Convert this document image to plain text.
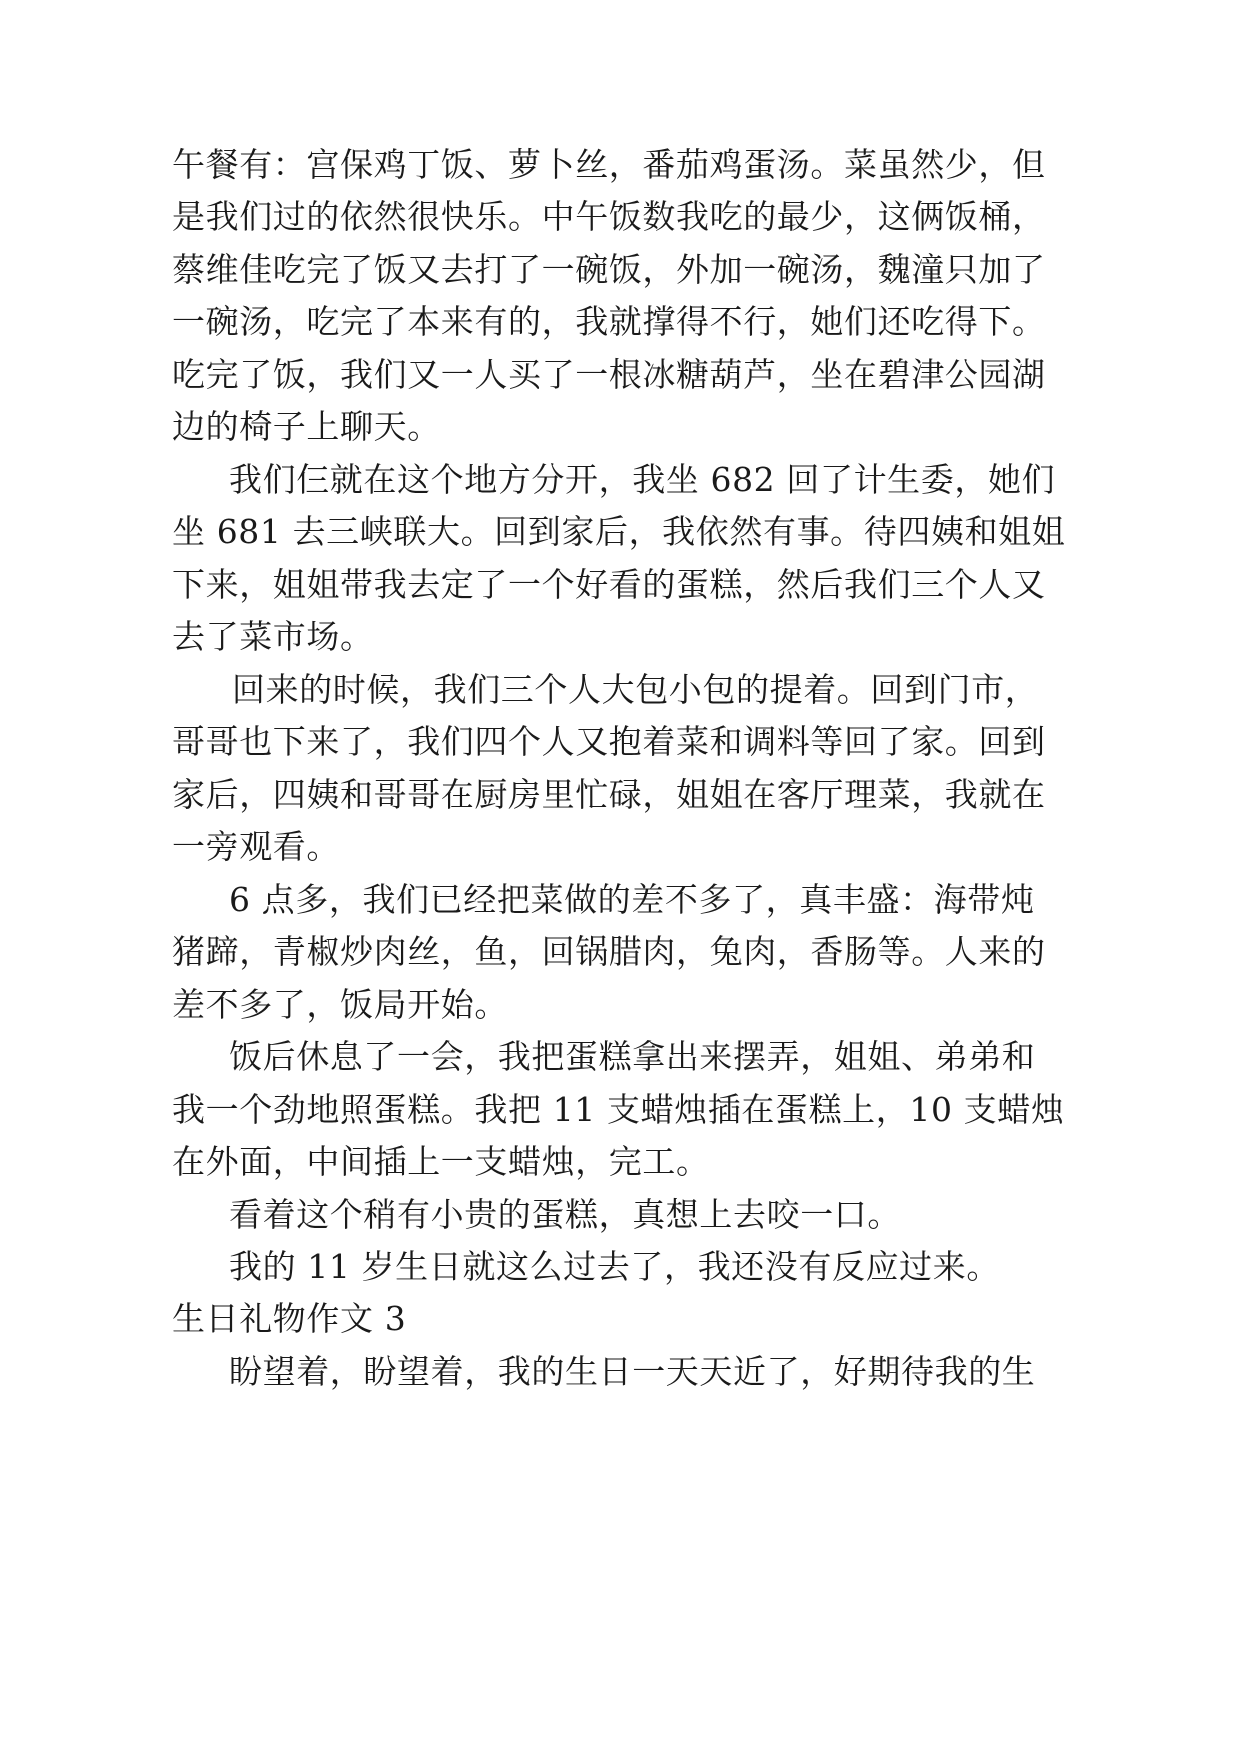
午餐有：宫保鸡丁饭、萝卜丝，番茄鸡蛋汤。菜虽然少，但

是我们过的依然很快乐。中午饭数我吃的最少，这俩饭桶，

蔡维佳吃完了饭又去打了一碗饭，外加一碗汤，魏潼只加了

一碗汤，吃完了本来有的，我就撑得不行，她们还吃得下。

吃完了饭，我们又一人买了一根冰糖葫芦，坐在碧津公园湖

边的椅子上聊天。

我们仨就在这个地方分开，我坐 682 回了计生委，她们

坐 681 去三峡联大。回到家后，我依然有事。待四姨和姐姐

下来，姐姐带我去定了一个好看的蛋糕，然后我们三个人又

去了菜市场。

回来的时候，我们三个人大包小包的提着。回到门市，

哥哥也下来了，我们四个人又抱着菜和调料等回了家。回到

家后，四姨和哥哥在厨房里忙碌，姐姐在客厅理菜，我就在

一旁观看。

6 点多，我们已经把菜做的差不多了，真丰盛：海带炖

猪蹄，青椒炒肉丝，鱼，回锅腊肉，兔肉，香肠等。人来的

差不多了，饭局开始。

饭后休息了一会，我把蛋糕拿出来摆弄，姐姐、弟弟和

我一个劲地照蛋糕。我把 11 支蜡烛插在蛋糕上，10 支蜡烛

在外面，中间插上一支蜡烛，完工。

看着这个稍有小贵的蛋糕，真想上去咬一口。

我的 11 岁生日就这么过去了，我还没有反应过来。

生日礼物作文 3

盼望着，盼望着，我的生日一天天近了，好期待我的生
